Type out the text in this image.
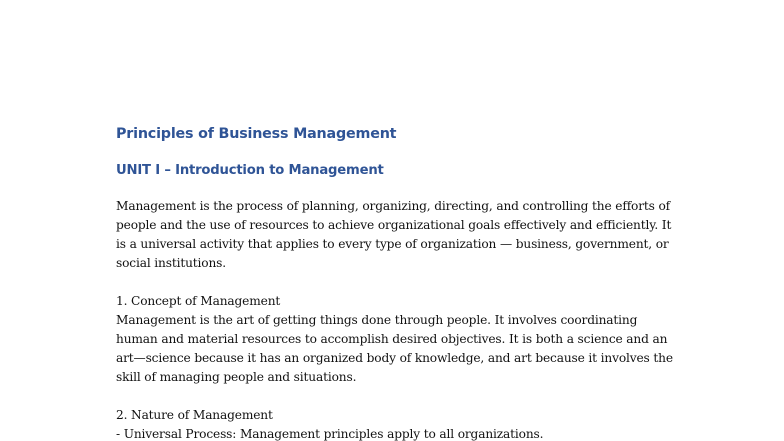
Principles of Business Management
UNIT I – Introduction to Management

Management is the process of planning, organizing, directing, and controlling the efforts of
people and the use of resources to achieve organizational goals effectively and efficiently. It
is a universal activity that applies to every type of organization — business, government, or
social institutions.
1. Concept of Management
Management is the art of getting things done through people. It involves coordinating
human and material resources to accomplish desired objectives. It is both a science and an
art—science because it has an organized body of knowledge, and art because it involves the
skill of managing people and situations.
2. Nature of Management
- Universal Process: Management principles apply to all organizations.
